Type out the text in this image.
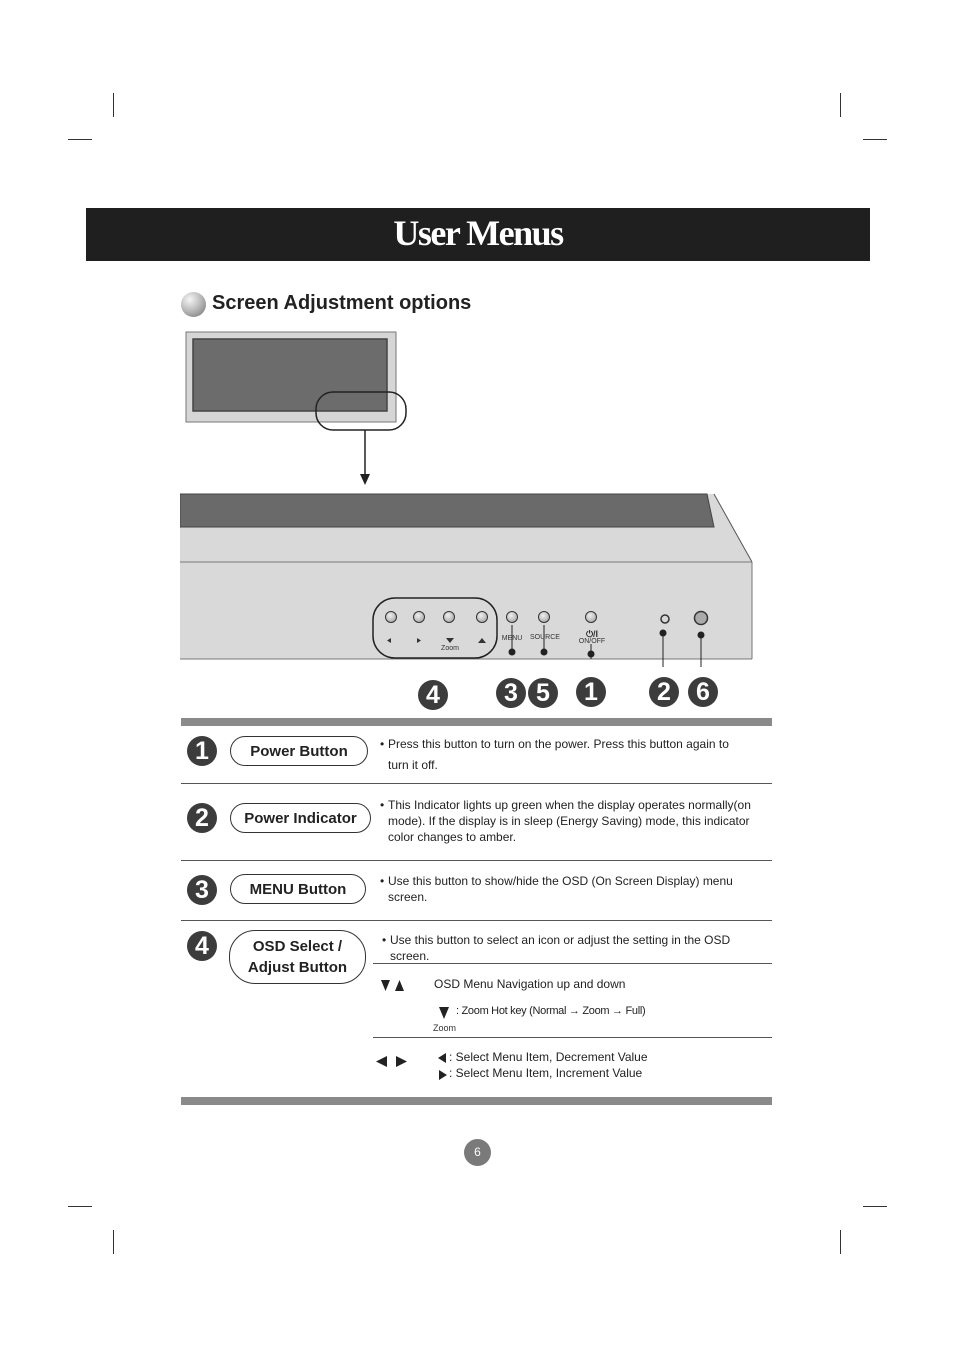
User Menus
Screen Adjustment options
Zoom
MENU	SOURCE	⏻/I
ON/OFF
4	3 5	1	2	6
1	Power Button	• Press this button to turn on the power. Press this button again to
turn it off.
2	Power Indicator
• This Indicator lights up green when the display operates normally(on mode). If the display is in sleep (Energy Saving) mode, this indicator color changes to amber.
3	MENU Button	• Use this button to show/hide the OSD (On Screen Display) menu screen.
4	OSD Select /
Adjust Button
• Use this button to select an icon or adjust the setting in the OSD screen.
OSD Menu Navigation up and down
: Zoom Hot key (Normal → Zoom → Full)
Zoom
: Select Menu Item, Decrement Value
: Select Menu Item, Increment Value
6
